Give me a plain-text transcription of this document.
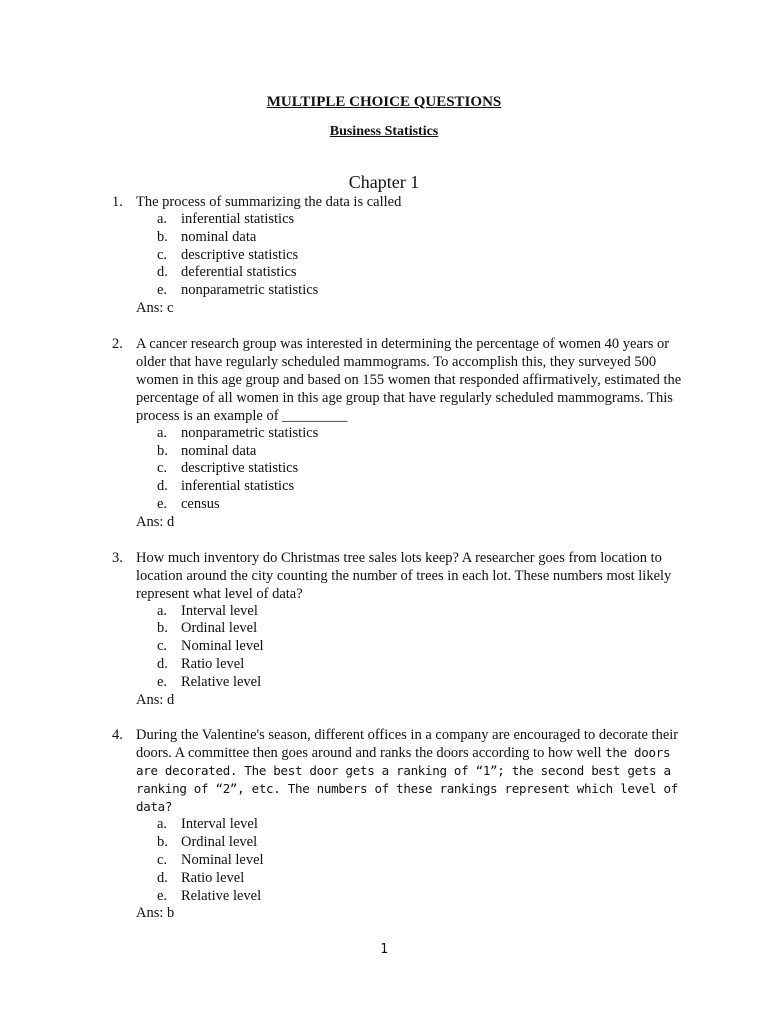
MULTIPLE CHOICE QUESTIONS
Business Statistics
Chapter 1
1. The process of summarizing the data is called
a. inferential statistics
b. nominal data
c. descriptive statistics
d. deferential statistics
e. nonparametric statistics
Ans: c
2. A cancer research group was interested in determining the percentage of women 40 years or older that have regularly scheduled mammograms. To accomplish this, they surveyed 500 women in this age group and based on 155 women that responded affirmatively, estimated the percentage of all women in this age group that have regularly scheduled mammograms. This process is an example of _________
a. nonparametric statistics
b. nominal data
c. descriptive statistics
d. inferential statistics
e. census
Ans: d
3. How much inventory do Christmas tree sales lots keep? A researcher goes from location to location around the city counting the number of trees in each lot. These numbers most likely represent what level of data?
a. Interval level
b. Ordinal level
c. Nominal level
d. Ratio level
e. Relative level
Ans: d
4. During the Valentine's season, different offices in a company are encouraged to decorate their doors. A committee then goes around and ranks the doors according to how well the doors are decorated. The best door gets a ranking of “1”; the second best gets a ranking of “2”, etc. The numbers of these rankings represent which level of data?
a. Interval level
b. Ordinal level
c. Nominal level
d. Ratio level
e. Relative level
Ans: b
1
